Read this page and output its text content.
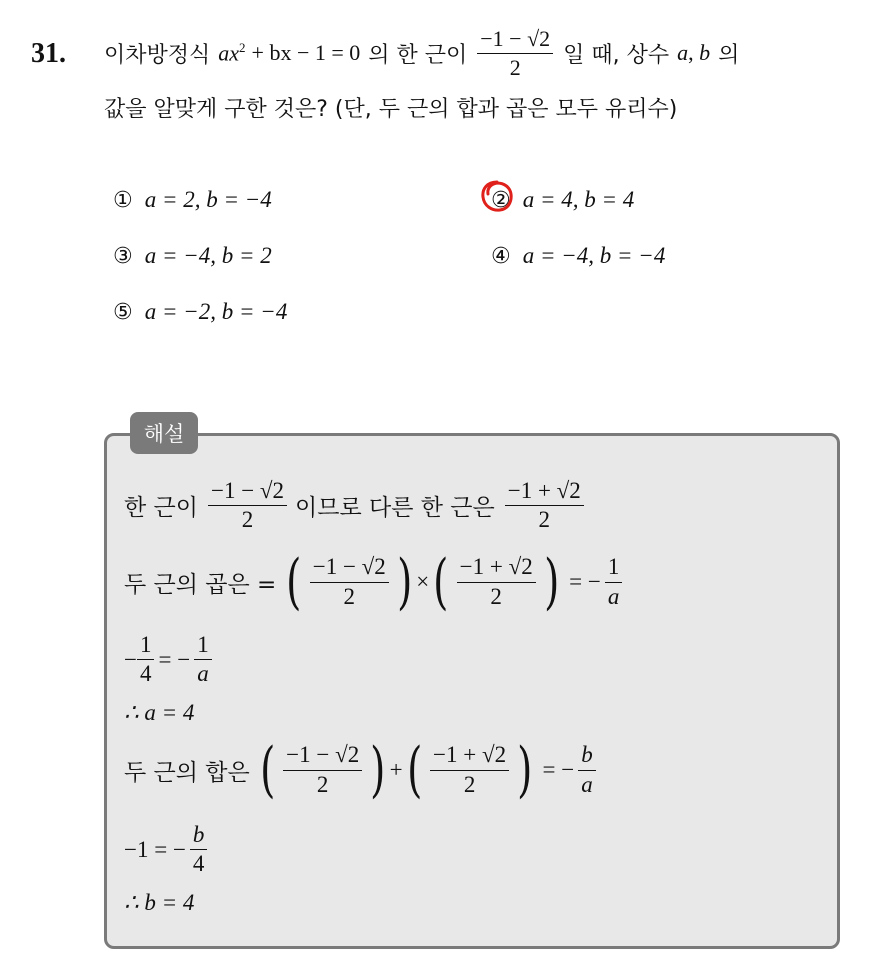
31. 이차방정식 $ax^2$ + bx − 1 = 0 의 한 근이 $\frac{-1 - √2}{2}$ 일 때, 상수 a , b 의
값을 알맞게 구한 것은? (단, 두 근의 합과 곱은 모두 유리수)
① a = 2, b = −4	② a = 4, b = 4
③ a = −4, b = 2	④ a = −4, b = −4
⑤ a = −2, b = −4
해설
한 근이 $\frac{-1 - √2}{2}$ 이므로 다른 한 근은 $\frac{-1 + √2}{2}$
두 근의 곱은 = ( $\frac{-1 - √2}{2}$ ) × ( $\frac{-1 + √2}{2}$ ) = − $\frac{1}{a}$
− $\frac{1}{4}$ = − $\frac{1}{a}$
∴ a = 4
두 근의 합은 ( $\frac{-1 - √2}{2}$ ) + ( $\frac{-1 + √2}{2}$ ) = − $\frac{b}{a}$
−1 = − $\frac{b}{4}$
∴ b = 4
